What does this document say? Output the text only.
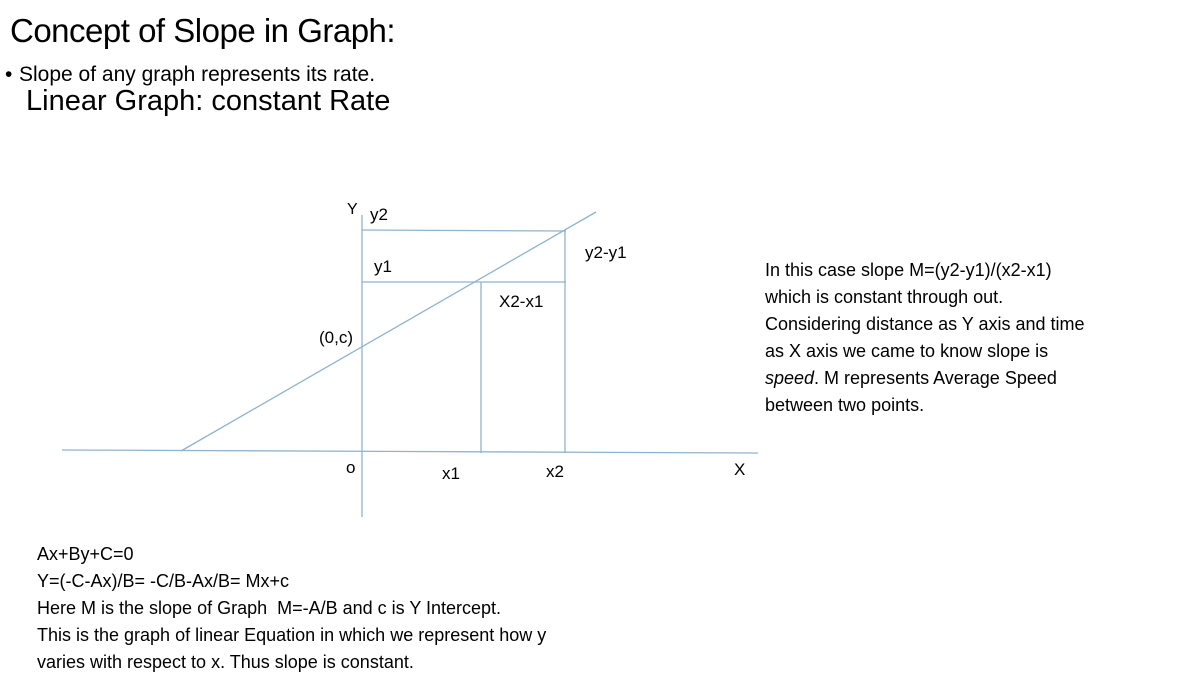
Concept of Slope in Graph:
• Slope of any graph represents its rate.
Linear Graph: constant Rate
Y y2
y1
y2-y1
X2-x1
(0,c)
o	x1	x2	X
In this case slope M=(y2-y1)/(x2-x1)
which is constant through out.
Considering distance as Y axis and time
as X axis we came to know slope is
speed. M represents Average Speed
between two points.
Ax+By+C=0
Y=(-C-Ax)/B= -C/B-Ax/B= Mx+c
Here M is the slope of Graph  M=-A/B and c is Y Intercept.
This is the graph of linear Equation in which we represent how y
varies with respect to x. Thus slope is constant.
